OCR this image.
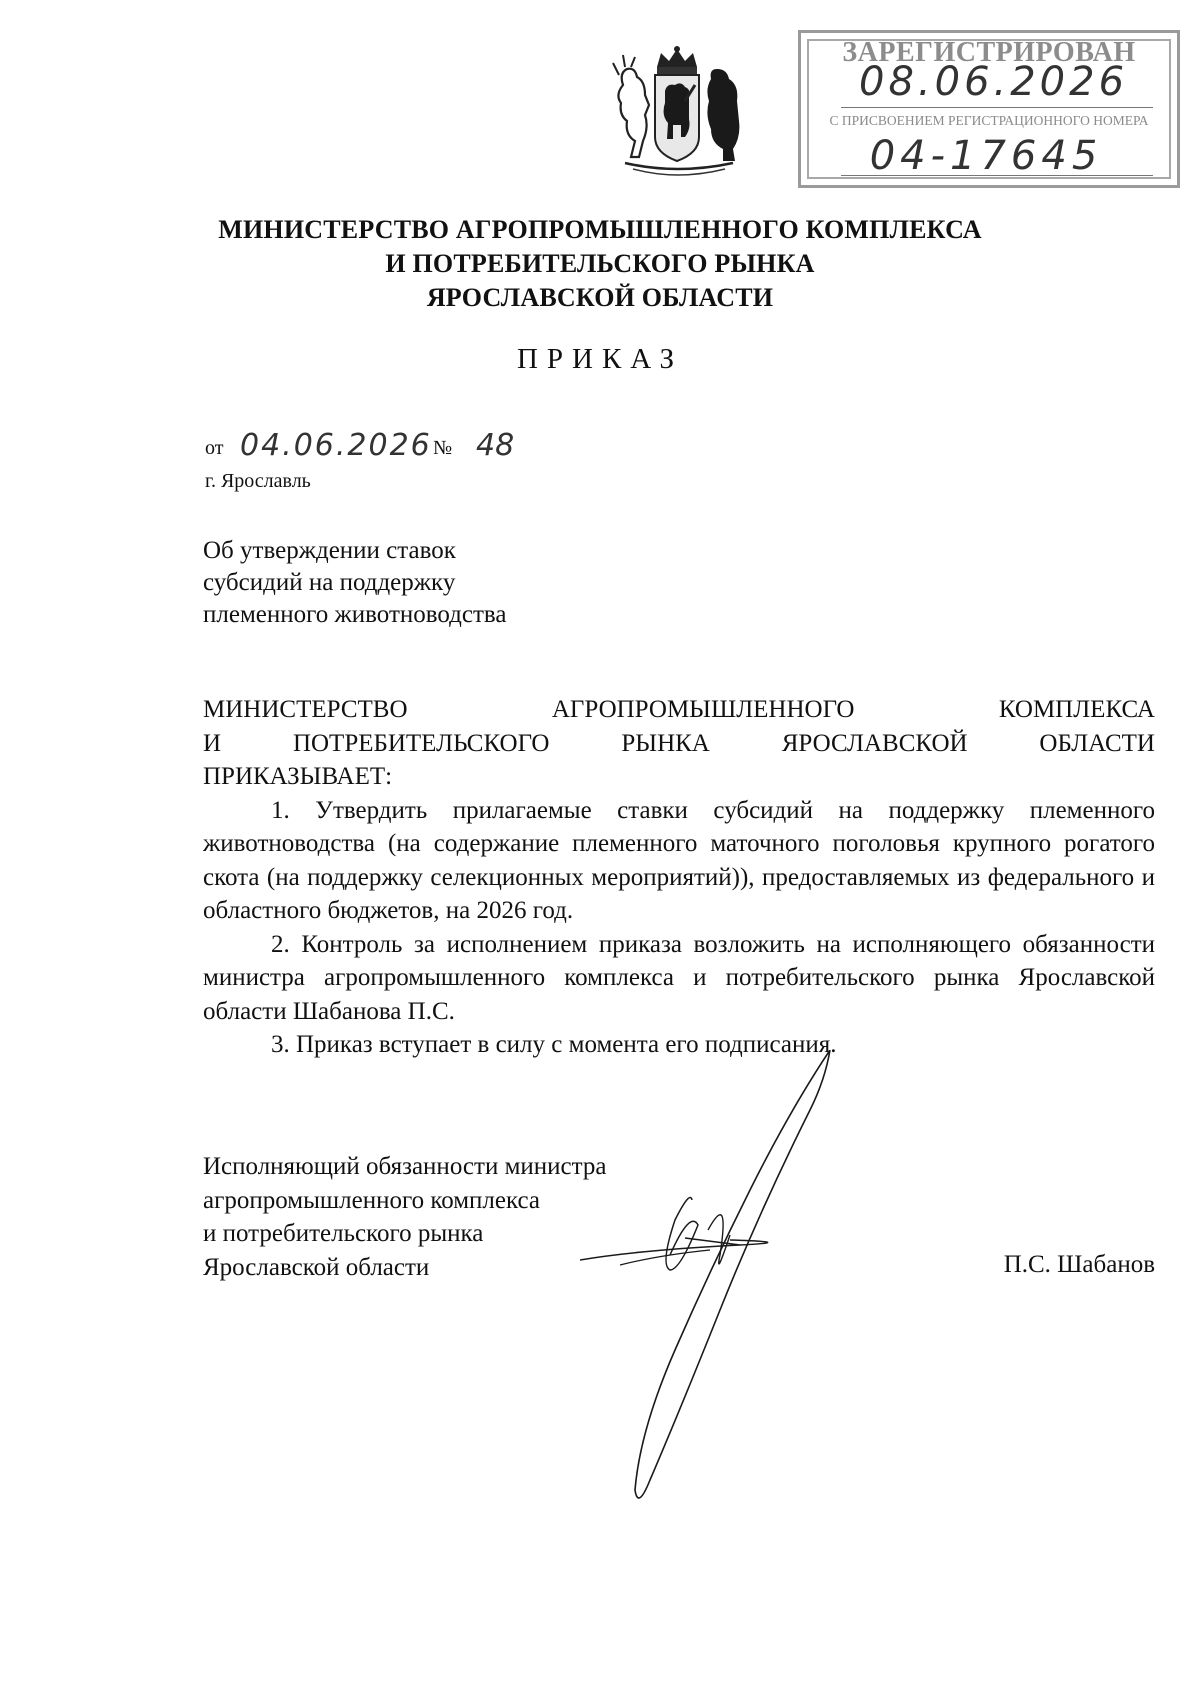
ЗАРЕГИСТРИРОВАН
08.06.2026
С ПРИСВОЕНИЕМ РЕГИСТРАЦИОННОГО НОМЕРА
04-17645
МИНИСТЕРСТВО АГРОПРОМЫШЛЕННОГО КОМПЛЕКСА
И ПОТРЕБИТЕЛЬСКОГО РЫНКА
ЯРОСЛАВСКОЙ ОБЛАСТИ
ПРИКАЗ
от 04.06.2026 № 48
г. Ярославль
Об утверждении ставок
субсидий на поддержку
племенного животноводства
МИНИСТЕРСТВО АГРОПРОМЫШЛЕННОГО КОМПЛЕКСА
И ПОТРЕБИТЕЛЬСКОГО РЫНКА ЯРОСЛАВСКОЙ ОБЛАСТИ
ПРИКАЗЫВАЕТ:
1. Утвердить прилагаемые ставки субсидий на поддержку племенного животноводства (на содержание племенного маточного поголовья крупного рогатого скота (на поддержку селекционных мероприятий)), предоставляемых из федерального и областного бюджетов, на 2026 год.
2. Контроль за исполнением приказа возложить на исполняющего обязанности министра агропромышленного комплекса и потребительского рынка Ярославской области Шабанова П.С.
3. Приказ вступает в силу с момента его подписания.
Исполняющий обязанности министра
агропромышленного комплекса
и потребительского рынка
Ярославской области	П.С. Шабанов
